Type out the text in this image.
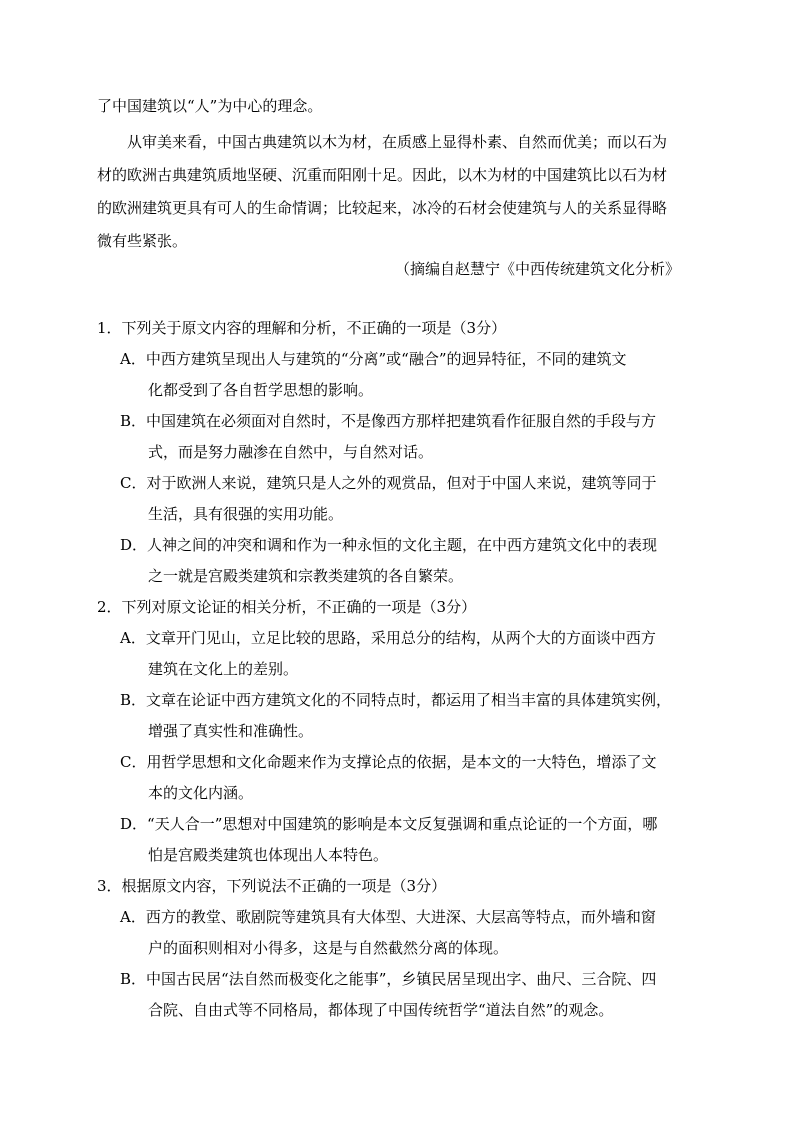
了中国建筑以“人”为中心的理念。
从审美来看，中国古典建筑以木为材，在质感上显得朴素、自然而优美；而以石为
材的欧洲古典建筑质地坚硬、沉重而阳刚十足。因此，以木为材的中国建筑比以石为材
的欧洲建筑更具有可人的生命情调；比较起来，冰冷的石材会使建筑与人的关系显得略
微有些紧张。
（摘编自赵慧宁《中西传统建筑文化分析》
1．下列关于原文内容的理解和分析，不正确的一项是（3分）
A．中西方建筑呈现出人与建筑的“分离”或“融合”的迥异特征，不同的建筑文
化都受到了各自哲学思想的影响。
B．中国建筑在必须面对自然时，不是像西方那样把建筑看作征服自然的手段与方
式，而是努力融渗在自然中，与自然对话。
C．对于欧洲人来说，建筑只是人之外的观赏品，但对于中国人来说，建筑等同于
生活，具有很强的实用功能。
D．人神之间的冲突和调和作为一种永恒的文化主题，在中西方建筑文化中的表现
之一就是宫殿类建筑和宗教类建筑的各自繁荣。
2．下列对原文论证的相关分析，不正确的一项是（3分）
A．文章开门见山，立足比较的思路，采用总分的结构，从两个大的方面谈中西方
建筑在文化上的差别。
B．文章在论证中西方建筑文化的不同特点时，都运用了相当丰富的具体建筑实例，
增强了真实性和准确性。
C．用哲学思想和文化命题来作为支撑论点的依据，是本文的一大特色，增添了文
本的文化内涵。
D．“天人合一”思想对中国建筑的影响是本文反复强调和重点论证的一个方面，哪
怕是宫殿类建筑也体现出人本特色。
3．根据原文内容，下列说法不正确的一项是（3分）
A．西方的教堂、歌剧院等建筑具有大体型、大进深、大层高等特点，而外墙和窗
户的面积则相对小得多，这是与自然截然分离的体现。
B．中国古民居“法自然而极变化之能事”，乡镇民居呈现出字、曲尺、三合院、四
合院、自由式等不同格局，都体现了中国传统哲学“道法自然”的观念。
